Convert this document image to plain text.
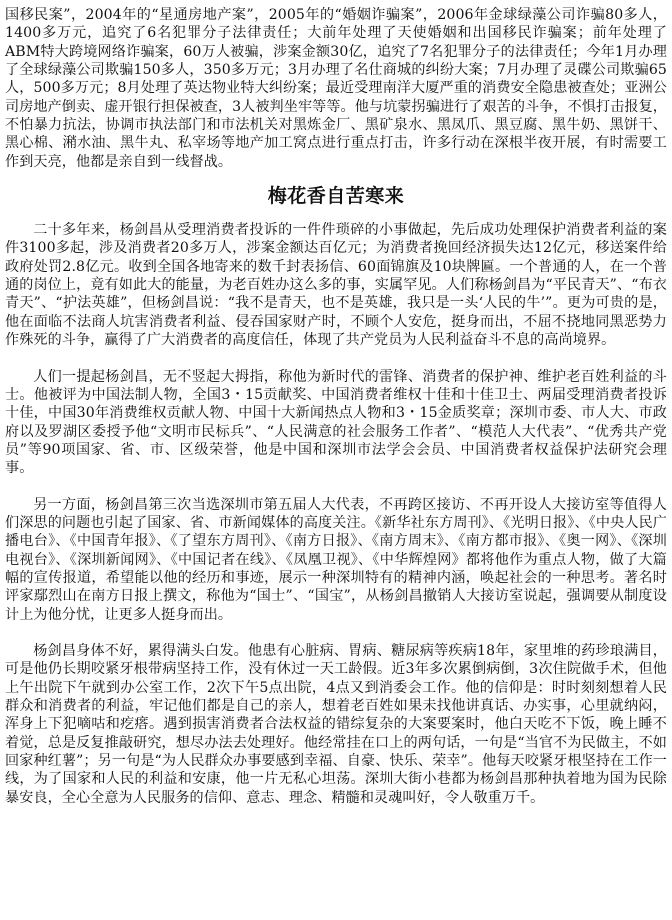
国移民案”，2004年的“星通房地产案”，2005年的“婚姻诈骗案”，2006年金球绿藻公司诈骗80多人，1400多万元，追究了6名犯罪分子法律责任；大前年处理了天使婚姻和出国移民诈骗案；前年处理了ABM特大跨境网络诈骗案，60万人被骗，涉案金额30亿，追究了7名犯罪分子的法律责任；今年1月办理了全球绿藻公司欺骗150多人，350多万元；3月办理了名仕商城的纠纷大案；7月办理了灵碟公司欺骗65人，500多万元；8月处理了英达物业特大纠纷案；最近受理南洋大厦严重的消费安全隐患被查处；亚洲公司房地产倒卖、虚开银行担保被查，3人被判坐牢等等。他与坑蒙拐骗进行了艰苦的斗争，不惧打击报复，不怕暴力抗法，协调市执法部门和市法机关对黑炼金厂、黑矿泉水、黑凤爪、黑豆腐、黑牛奶、黑饼干、黑心棉、潲水油、黑牛丸、私宰场等地产加工窝点进行重点打击，许多行动在深根半夜开展，有时需要工作到天亮，他都是亲自到一线督战。

梅花香自苦寒来

二十多年来，杨剑昌从受理消费者投诉的一件件琐碎的小事做起，先后成功处理保护消费者利益的案件3100多起，涉及消费者20多万人，涉案金额达百亿元；为消费者挽回经济损失达12亿元，移送案件给政府处罚2.8亿元。收到全国各地寄来的数千封表扬信、60面锦旗及10块牌匾。一个普通的人，在一个普通的岗位上，竟有如此大的能量，为老百姓办这么多的事，实属罕见。人们称杨剑昌为“平民青天”、“布衣青天”、“护法英雄”，但杨剑昌说：“我不是青天，也不是英雄，我只是一头‘人民的牛’”。更为可贵的是，他在面临不法商人坑害消费者利益、侵吞国家财产时，不顾个人安危，挺身而出，不屈不挠地同黑恶势力作殊死的斗争，赢得了广大消费者的高度信任，体现了共产党员为人民利益奋斗不息的高尚境界。

人们一提起杨剑昌，无不竖起大拇指，称他为新时代的雷锋、消费者的保护神、维护老百姓利益的斗士。他被评为中国法制人物，全国3・15贡献奖、中国消费者维权十佳和十佳卫士、两届受理消费者投诉十佳，中国30年消费维权贡献人物、中国十大新闻热点人物和3・15金质奖章；深圳市委、市人大、市政府以及罗湖区委授予他“文明市民标兵”、“人民满意的社会服务工作者”、“模范人大代表”、“优秀共产党员”等90项国家、省、市、区级荣誉，他是中国和深圳市法学会会员、中国消费者权益保护法研究会理事。

另一方面，杨剑昌第三次当选深圳市第五届人大代表，不再跨区接访、不再开设人大接访室等值得人们深思的问题也引起了国家、省、市新闻媒体的高度关注。《新华社东方周刊》、《光明日报》、《中央人民广播电台》、《中国青年报》、《了望东方周刊》、《南方日报》、《南方周末》、《南方都市报》、《奥一网》、《深圳电视台》、《深圳新闻网》、《中国记者在线》、《凤凰卫视》、《中华辉煌网》都将他作为重点人物，做了大篇幅的宣传报道，希望能以他的经历和事迹，展示一种深圳特有的精神内涵，唤起社会的一种思考。著名时评家鄢烈山在南方日报上撰文，称他为“国士”、“国宝”，从杨剑昌撤销人大接访室说起，强调要从制度设计上为他分忧，让更多人挺身而出。

杨剑昌身体不好，累得满头白发。他患有心脏病、胃病、糖尿病等疾病18年，家里堆的药珍琅满目，可是他仍长期咬紧牙根带病坚持工作，没有休过一天工龄假。近3年多次累倒病倒，3次住院做手术，但他上午出院下午就到办公室工作，2次下午5点出院，4点又到消委会工作。他的信仰是：时时刻刻想着人民群众和消费者的利益，牢记他们都是自己的亲人，想着老百姓如果未找他讲真话、办实事，心里就纳闷，浑身上下犯嘀咕和疙瘩。遇到损害消费者合法权益的错综复杂的大案要案时，他白天吃不下饭，晚上睡不着觉，总是反复推敲研究，想尽办法去处理好。他经常挂在口上的两句话，一句是“当官不为民做主，不如回家种红薯”；另一句是“为人民群众办事要感到幸福、自豪、快乐、荣幸”。他每天咬紧牙根坚持在工作一线，为了国家和人民的利益和安康，他一片无私心坦荡。深圳大街小巷都为杨剑昌那种执着地为国为民除暴安良，全心全意为人民服务的信仰、意志、理念、精髓和灵魂叫好，令人敬重万千。
